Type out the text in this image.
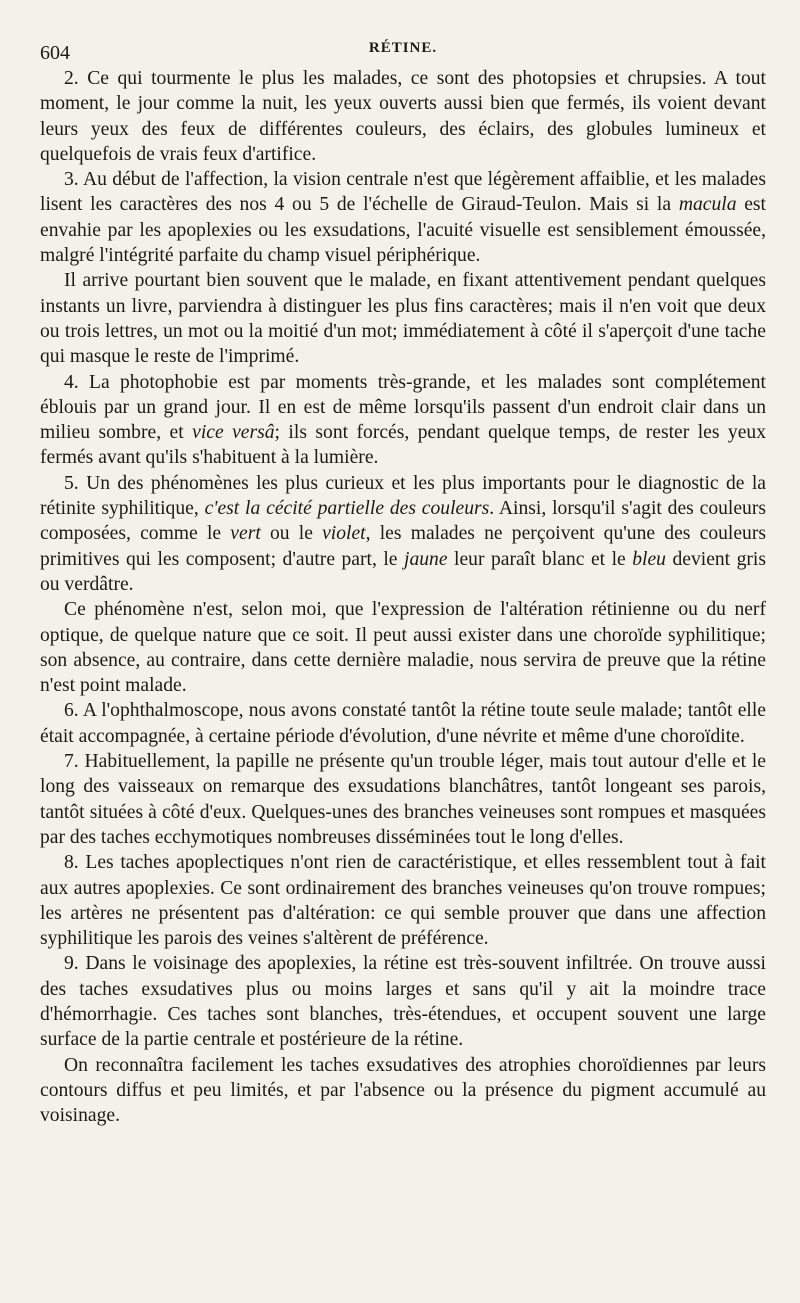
604	RÉTINE.

2. Ce qui tourmente le plus les malades, ce sont des photopsies et chrupsies. A tout moment, le jour comme la nuit, les yeux ouverts aussi bien que fermés, ils voient devant leurs yeux des feux de différentes couleurs, des éclairs, des globules lumineux et quelquefois de vrais feux d'artifice.

3. Au début de l'affection, la vision centrale n'est que légèrement affaiblie, et les malades lisent les caractères des nos 4 ou 5 de l'échelle de Giraud-Teulon. Mais si la macula est envahie par les apoplexies ou les exsudations, l'acuité visuelle est sensiblement émoussée, malgré l'intégrité parfaite du champ visuel périphérique.

Il arrive pourtant bien souvent que le malade, en fixant attentivement pendant quelques instants un livre, parviendra à distinguer les plus fins caractères; mais il n'en voit que deux ou trois lettres, un mot ou la moitié d'un mot; immédiatement à côté il s'aperçoit d'une tache qui masque le reste de l'imprimé.

4. La photophobie est par moments très-grande, et les malades sont complétement éblouis par un grand jour. Il en est de même lorsqu'ils passent d'un endroit clair dans un milieu sombre, et vice versâ; ils sont forcés, pendant quelque temps, de rester les yeux fermés avant qu'ils s'habituent à la lumière.

5. Un des phénomènes les plus curieux et les plus importants pour le diagnostic de la rétinite syphilitique, c'est la cécité partielle des couleurs. Ainsi, lorsqu'il s'agit des couleurs composées, comme le vert ou le violet, les malades ne perçoivent qu'une des couleurs primitives qui les composent; d'autre part, le jaune leur paraît blanc et le bleu devient gris ou verdâtre.

Ce phénomène n'est, selon moi, que l'expression de l'altération rétinienne ou du nerf optique, de quelque nature que ce soit. Il peut aussi exister dans une choroïde syphilitique; son absence, au contraire, dans cette dernière maladie, nous servira de preuve que la rétine n'est point malade.

6. A l'ophthalmoscope, nous avons constaté tantôt la rétine toute seule malade; tantôt elle était accompagnée, à certaine période d'évolution, d'une névrite et même d'une choroïdite.

7. Habituellement, la papille ne présente qu'un trouble léger, mais tout autour d'elle et le long des vaisseaux on remarque des exsudations blanchâtres, tantôt longeant ses parois, tantôt situées à côté d'eux. Quelques-unes des branches veineuses sont rompues et masquées par des taches ecchymotiques nombreuses disséminées tout le long d'elles.

8. Les taches apoplectiques n'ont rien de caractéristique, et elles ressemblent tout à fait aux autres apoplexies. Ce sont ordinairement des branches veineuses qu'on trouve rompues; les artères ne présentent pas d'altération: ce qui semble prouver que dans une affection syphilitique les parois des veines s'altèrent de préférence.

9. Dans le voisinage des apoplexies, la rétine est très-souvent infiltrée. On trouve aussi des taches exsudatives plus ou moins larges et sans qu'il y ait la moindre trace d'hémorrhagie. Ces taches sont blanches, très-étendues, et occupent souvent une large surface de la partie centrale et postérieure de la rétine.

On reconnaîtra facilement les taches exsudatives des atrophies choroïdiennes par leurs contours diffus et peu limités, et par l'absence ou la présence du pigment accumulé au voisinage.
